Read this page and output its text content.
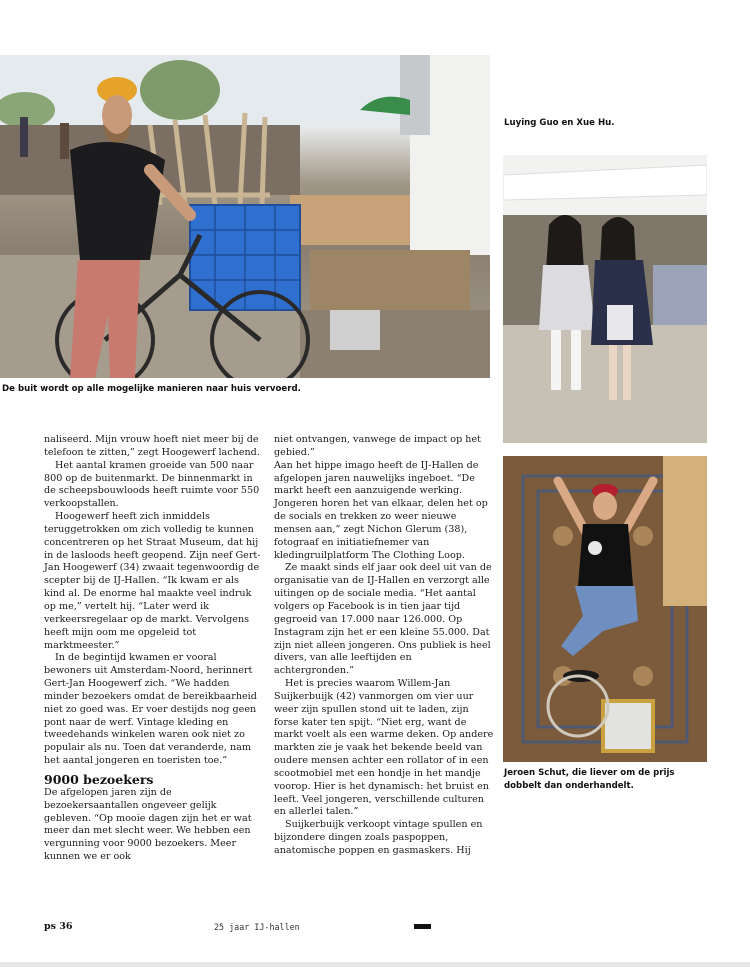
De buit wordt op alle mogelijke manieren naar huis vervoerd.
Luying Guo en Xue Hu.
Jeroen Schut, die liever om de prijs dobbelt dan onderhandelt.

naliseerd. Mijn vrouw hoeft niet meer bij de telefoon te zitten,” zegt Hoogewerf lachend.

Het aantal kramen groeide van 500 naar 800 op de buitenmarkt. De binnenmarkt in de scheepsbouwloods heeft ruimte voor 550 verkoopstallen.

Hoogewerf heeft zich inmiddels teruggetrokken om zich volledig te kunnen concentreren op het Straat Museum, dat hij in de lasloods heeft geopend. Zijn neef Gert-Jan Hoogewerf (34) zwaait tegenwoordig de scepter bij de IJ-Hallen. “Ik kwam er als kind al. De enorme hal maakte veel indruk op me,” vertelt hij. “Later werd ik verkeersregelaar op de markt. Vervolgens heeft mijn oom me opgeleid tot marktmeester.”

In de begintijd kwamen er vooral bewoners uit Amsterdam-Noord, herinnert Gert-Jan Hoogewerf zich. “We hadden minder bezoekers omdat de bereikbaarheid niet zo goed was. Er voer destijds nog geen pont naar de werf. Vintage kleding en tweedehands winkelen waren ook niet zo populair als nu. Toen dat veranderde, nam het aantal jongeren en toeristen toe.”

9000 bezoekers

De afgelopen jaren zijn de bezoekersaantallen ongeveer gelijk gebleven. “Op mooie dagen zijn het er wat meer dan met slecht weer. We hebben een vergunning voor 9000 bezoekers. Meer kunnen we er ook

niet ontvangen, vanwege de impact op het gebied.”

Aan het hippe imago heeft de IJ-Hallen de afgelopen jaren nauwelijks ingeboet. “De markt heeft een aanzuigende werking. Jongeren horen het van elkaar, delen het op de socials en trekken zo weer nieuwe mensen aan,” zegt Nichon Glerum (38), fotograaf en initiatiefnemer van kledingruilplatform The Clothing Loop.

Ze maakt sinds elf jaar ook deel uit van de organisatie van de IJ-Hallen en verzorgt alle uitingen op de sociale media. “Het aantal volgers op Facebook is in tien jaar tijd gegroeid van 17.000 naar 126.000. Op Instagram zijn het er een kleine 55.000. Dat zijn niet alleen jongeren. Ons publiek is heel divers, van alle leeftijden en achtergronden.”

Het is precies waarom Willem-Jan Suijkerbuijk (42) vanmorgen om vier uur weer zijn spullen stond uit te laden, zijn forse kater ten spijt. “Niet erg, want de markt voelt als een warme deken. Op andere markten zie je vaak het bekende beeld van oudere mensen achter een rollator of in een scootmobiel met een hondje in het mandje voorop. Hier is het dynamisch: het bruist en leeft. Veel jongeren, verschillende culturen en allerlei talen.”

Suijkerbuijk verkoopt vintage spullen en bijzondere dingen zoals paspoppen, anatomische poppen en gasmaskers. Hij

ps 36	25 jaar IJ-hallen
